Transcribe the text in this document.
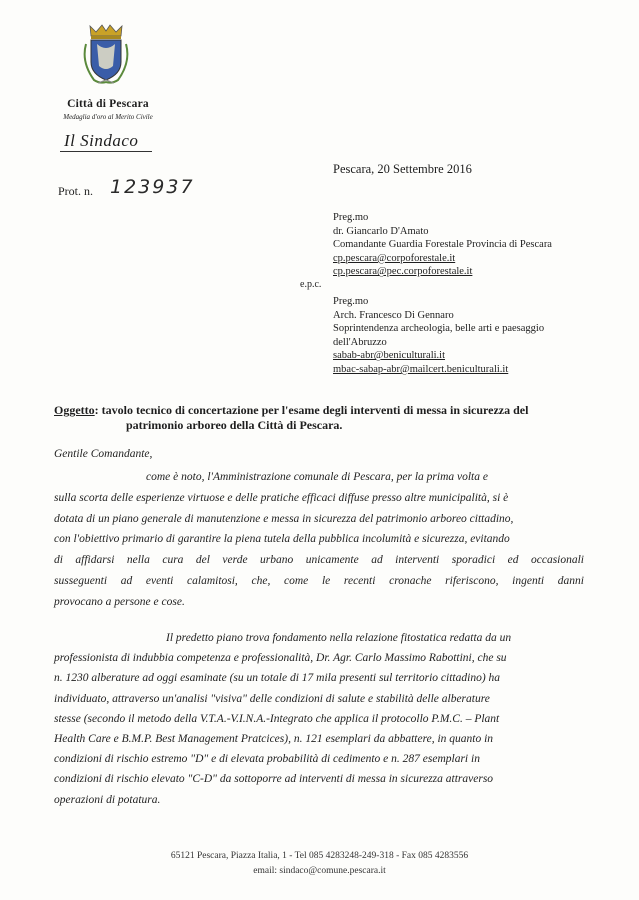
Città di Pescara
Medaglia d'oro al Merito Civile
Il Sindaco
Pescara, 20 Settembre 2016
Prot. n. 123937
Preg.mo
dr. Giancarlo D'Amato
Comandante Guardia Forestale Provincia di Pescara
cp.pescara@corpoforestale.it
cp.pescara@pec.corpoforestale.it
e.p.c.
Preg.mo
Arch. Francesco Di Gennaro
Soprintendenza archeologia, belle arti e paesaggio
dell'Abruzzo
sabab-abr@beniculturali.it
mbac-sabap-abr@mailcert.beniculturali.it
Oggetto: tavolo tecnico di concertazione per l'esame degli interventi di messa in sicurezza del
patrimonio arboreo della Città di Pescara.
Gentile Comandante,
come è noto, l'Amministrazione comunale di Pescara, per la prima volta e
sulla scorta delle esperienze virtuose e delle pratiche efficaci diffuse presso altre municipalità, si è
dotata di un piano generale di manutenzione e messa in sicurezza del patrimonio arboreo cittadino,
con l'obiettivo primario di garantire la piena tutela della pubblica incolumità e sicurezza, evitando
di affidarsi nella cura del verde urbano unicamente ad interventi sporadici ed occasionali
susseguenti ad eventi calamitosi, che, come le recenti cronache riferiscono, ingenti danni
provocano a persone e cose.
Il predetto piano trova fondamento nella relazione fitostatica redatta da un
professionista di indubbia competenza e professionalità, Dr. Agr. Carlo Massimo Rabottini, che su
n. 1230 alberature ad oggi esaminate (su un totale di 17 mila presenti sul territorio cittadino) ha
individuato, attraverso un'analisi "visiva" delle condizioni di salute e stabilità delle alberature
stesse (secondo il metodo della V.T.A.-V.I.N.A.-Integrato che applica il protocollo P.M.C. – Plant
Health Care e B.M.P. Best Management Pratcices), n. 121 esemplari da abbattere, in quanto in
condizioni di rischio estremo "D" e di elevata probabilità di cedimento e n. 287 esemplari in
condizioni di rischio elevato "C-D" da sottoporre ad interventi di messa in sicurezza attraverso
operazioni di potatura.
65121 Pescara, Piazza Italia, 1 - Tel 085 4283248-249-318 - Fax 085 4283556
email: sindaco@comune.pescara.it
